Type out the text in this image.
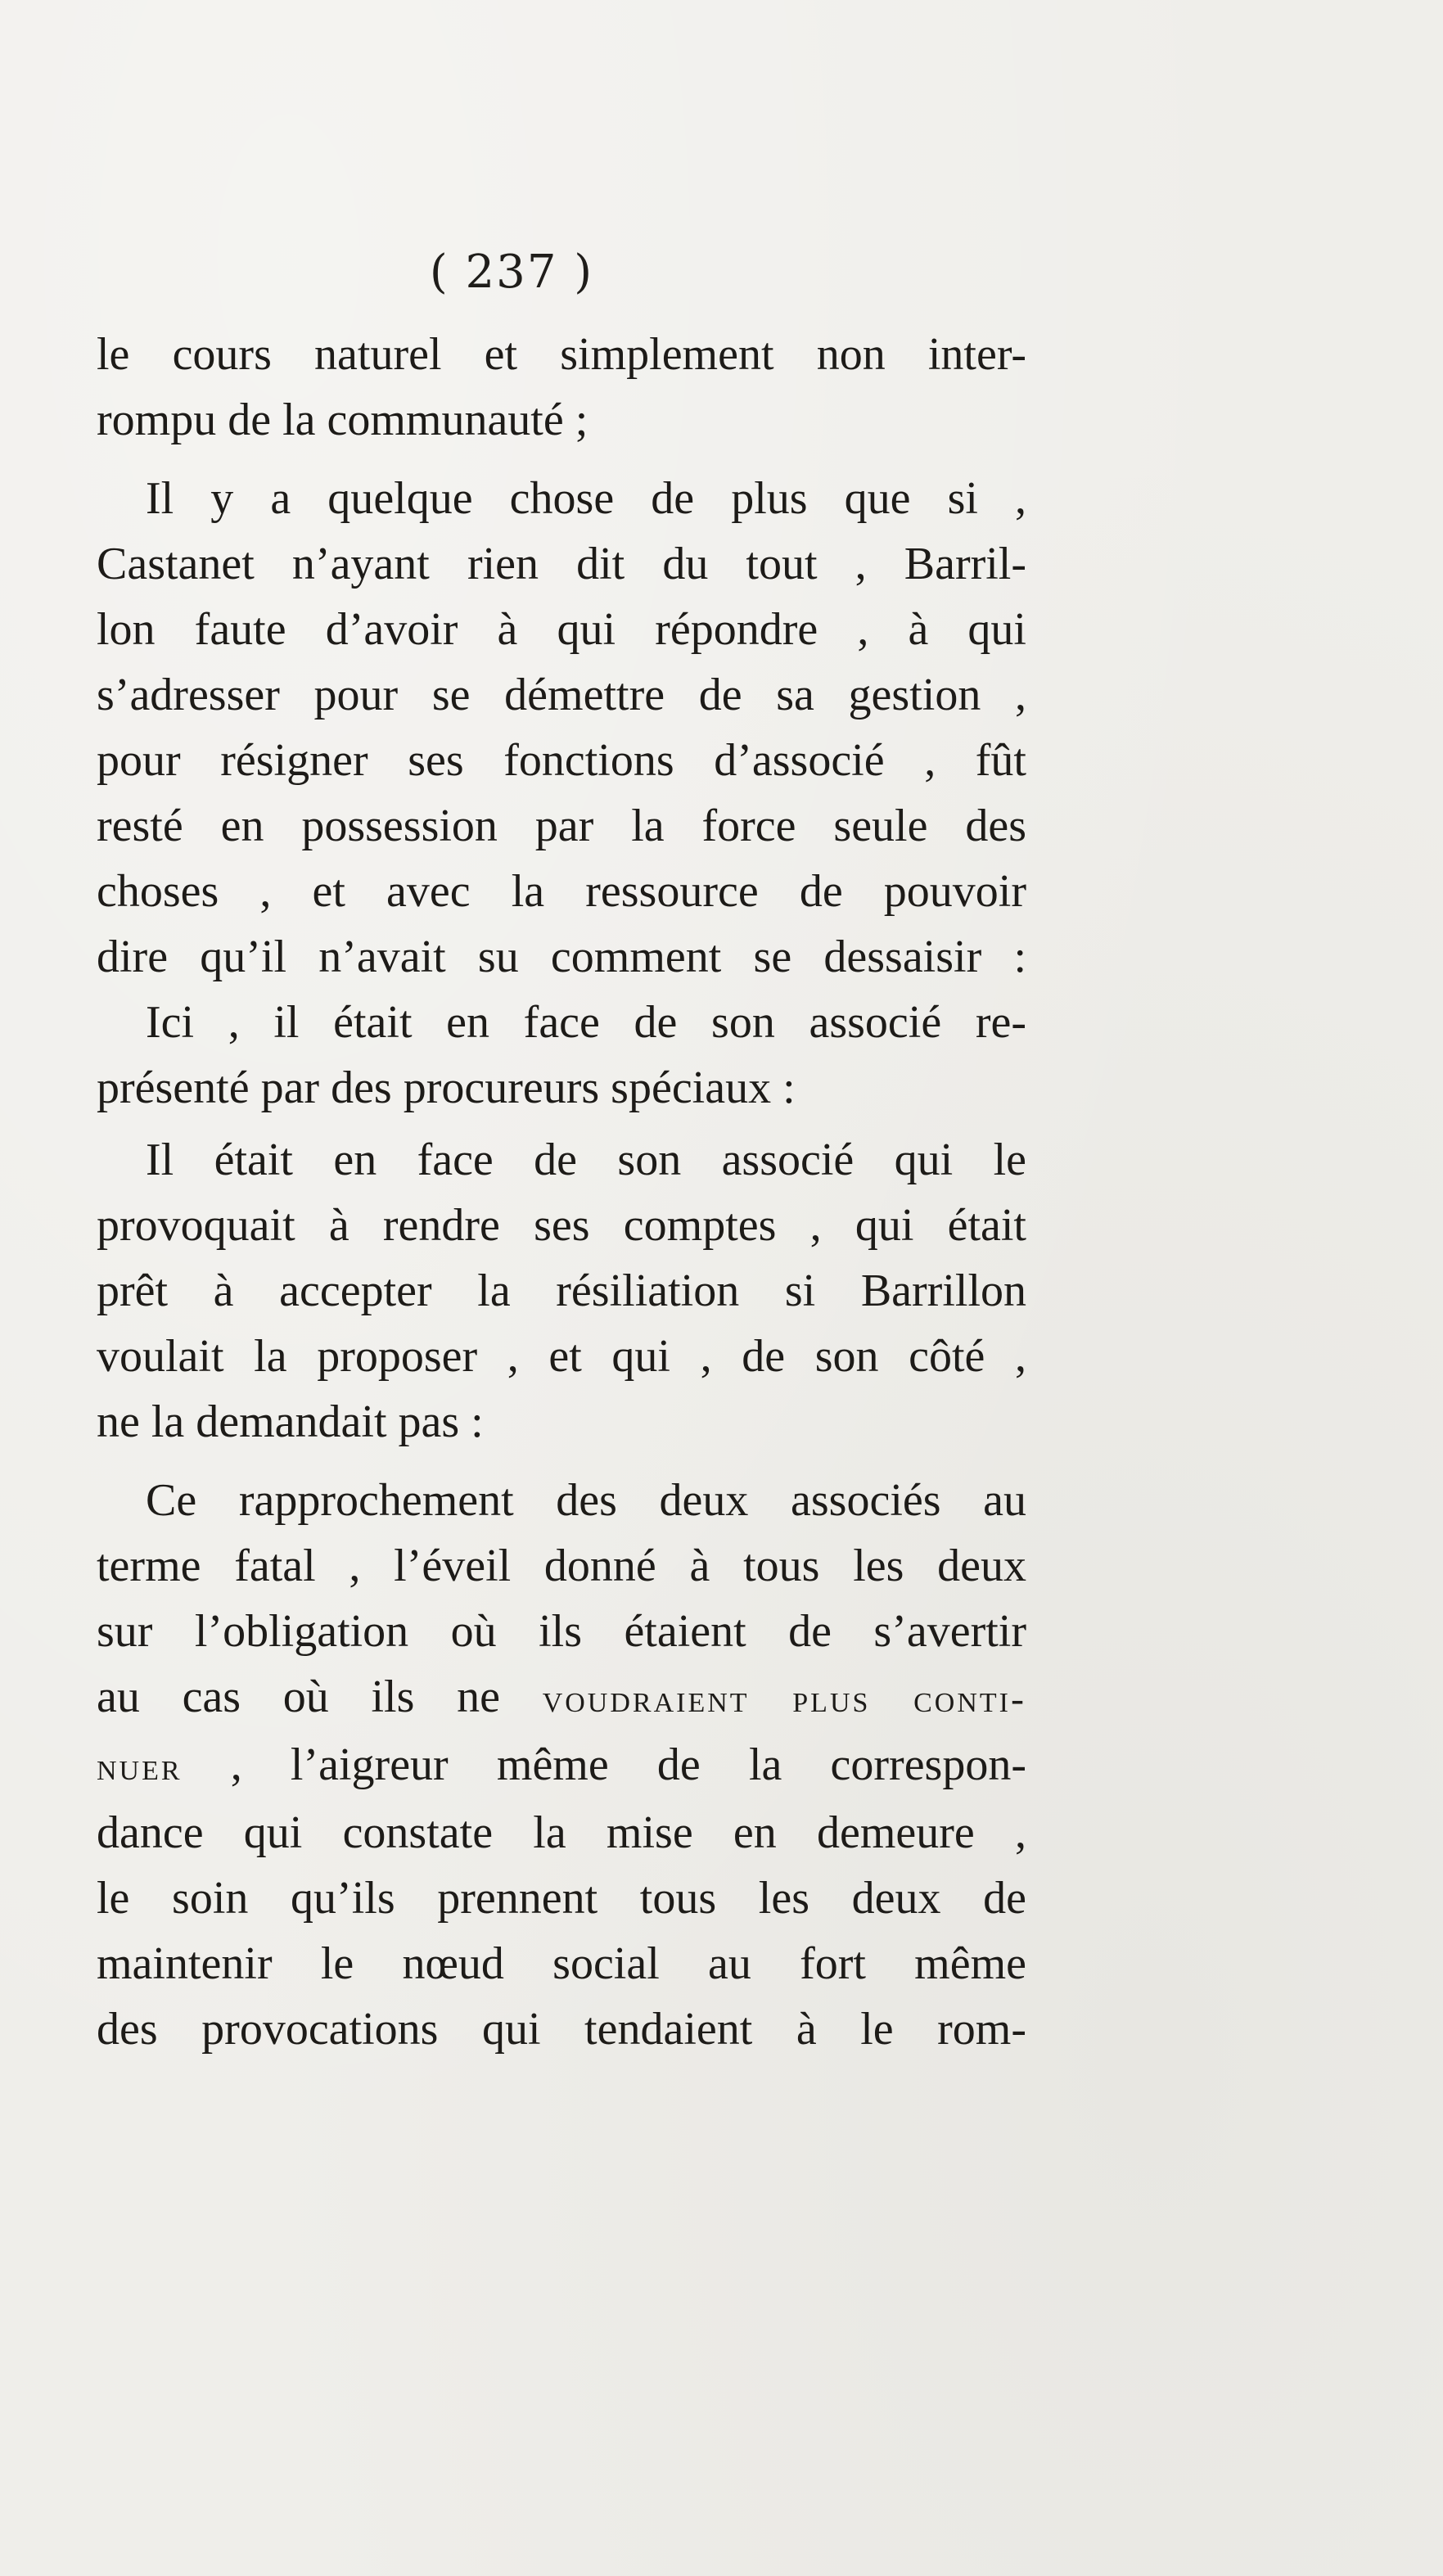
( 237 )
le cours naturel et simplement non inter-
rompu de la communauté ;
Il y a quelque chose de plus que si ,
Castanet n’ayant rien dit du tout , Barril-
lon faute d’avoir à qui répondre , à qui
s’adresser pour se démettre de sa gestion ,
pour résigner ses fonctions d’associé , fût
resté en possession par la force seule des
choses , et avec la ressource de pouvoir
dire qu’il n’avait su comment se dessaisir :
Ici , il était en face de son associé re-
présenté par des procureurs spéciaux :
Il était en face de son associé qui le
provoquait à rendre ses comptes , qui était
prêt à accepter la résiliation si Barrillon
voulait la proposer , et qui , de son côté ,
ne la demandait pas :
Ce rapprochement des deux associés au
terme fatal , l’éveil donné à tous les deux
sur l’obligation où ils étaient de s’avertir
au cas où ils ne voudraient plus conti-
nuer , l’aigreur même de la correspon-
dance qui constate la mise en demeure ,
le soin qu’ils prennent tous les deux de
maintenir le nœud social au fort même
des provocations qui tendaient à le rom-
